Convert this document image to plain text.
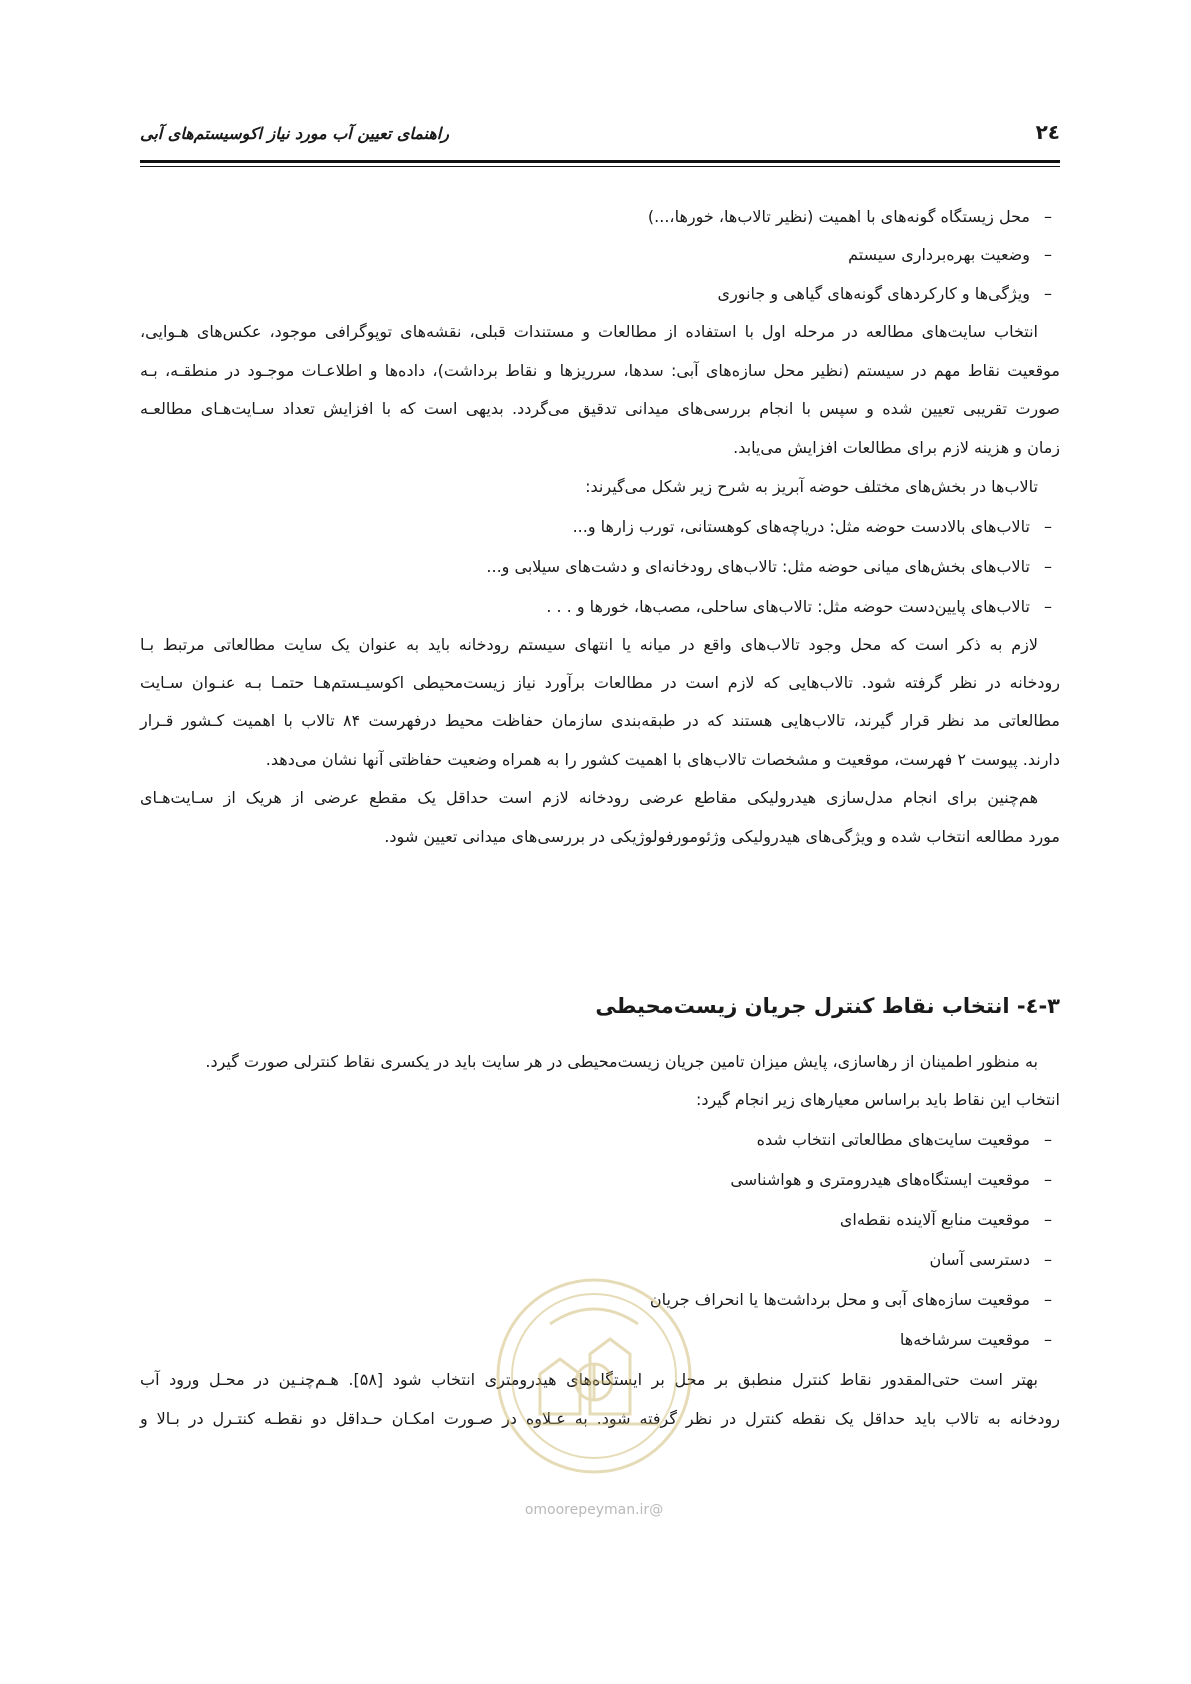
راهنمای تعیین آب مورد نیاز اکوسیستم‌های آبی	۲٤
–محل زیستگاه گونه‌های با اهمیت (نظیر تالاب‌ها، خورها،...)
–وضعیت بهره‌برداری سیستم
–ویژگی‌ها و کارکردهای گونه‌های گیاهی و جانوری
انتخاب سایت‌های مطالعه در مرحله اول با استفاده از مطالعات و مستندات قبلی، نقشه‌های توپوگرافی موجود، عکس‌های هـوایی،
موقعیت نقاط مهم در سیستم (نظیر محل سازه‌های آبی: سدها، سرریزها و نقاط برداشت)، داده‌ها و اطلاعـات موجـود در منطقـه، بـه
صورت تقریبی تعیین شده و سپس با انجام بررسی‌های میدانی تدقیق می‌گردد. بدیهی است که با افزایش تعداد سـایت‌هـای مطالعـه
زمان و هزینه لازم برای مطالعات افزایش می‌یابد.
تالاب‌ها در بخش‌های مختلف حوضه آبریز به شرح زیر شکل می‌گیرند:
–تالاب‌های بالادست حوضه مثل: دریاچه‌های کوهستانی، تورب زارها و...
–تالاب‌های بخش‌های میانی حوضه مثل: تالاب‌های رودخانه‌ای و دشت‌های سیلابی و...
–تالاب‌های پایین‌دست حوضه مثل: تالاب‌های ساحلی، مصب‌ها، خورها و . . .
لازم به ذکر است که محل وجود تالاب‌های واقع در میانه یا انتهای سیستم رودخانه باید به عنوان یک سایت مطالعاتی مرتبط بـا
رودخانه در نظر گرفته شود. تالاب‌هایی که لازم است در مطالعات برآورد نیاز زیست‌محیطی اکوسیـستم‌هـا حتمـا بـه عنـوان سـایت
مطالعاتی مد نظر قرار گیرند، تالاب‌هایی هستند که در طبقه‌بندی سازمان حفاظت محیط درفهرست ۸۴ تالاب با اهمیت کـشور قـرار
دارند. پیوست ۲ فهرست، موقعیت و مشخصات تالاب‌های با اهمیت کشور را به همراه وضعیت حفاظتی آنها نشان می‌دهد.
هم‌چنین برای انجام مدل‌سازی هیدرولیکی مقاطع عرضی رودخانه لازم است حداقل یک مقطع عرضی از هریک از سـایت‌هـای
مورد مطالعه انتخاب شده و ویژگی‌های هیدرولیکی وژئومورفولوژیکی در بررسی‌های میدانی تعیین شود.
۳-٤- انتخاب نقاط کنترل جریان زیست‌محیطی
به منظور اطمینان از رهاسازی، پایش میزان تامین جریان زیست‌محیطی در هر سایت باید در یکسری نقاط کنترلی صورت گیرد.
انتخاب این نقاط باید براساس معیارهای زیر انجام گیرد:
–موقعیت سایت‌های مطالعاتی انتخاب شده
–موقعیت ایستگاه‌های هیدرومتری و هواشناسی
–موقعیت منابع آلاینده نقطه‌ای
–دسترسی آسان
–موقعیت سازه‌های آبی و محل برداشت‌ها یا انحراف جریان
–موقعیت سرشاخه‌ها
بهتر است حتی‌المقدور نقاط کنترل منطبق بر محل بر ایستگاه‌های هیدرومتری انتخاب شود [۵۸]. هـم‌چنـین در محـل ورود آب
رودخانه به تالاب باید حداقل یک نقطه کنترل در نظر گرفته شود. به عـلاوه در صـورت امکـان حـداقل دو نقطـه کنتـرل در بـالا و
@omoorepeyman.ir
